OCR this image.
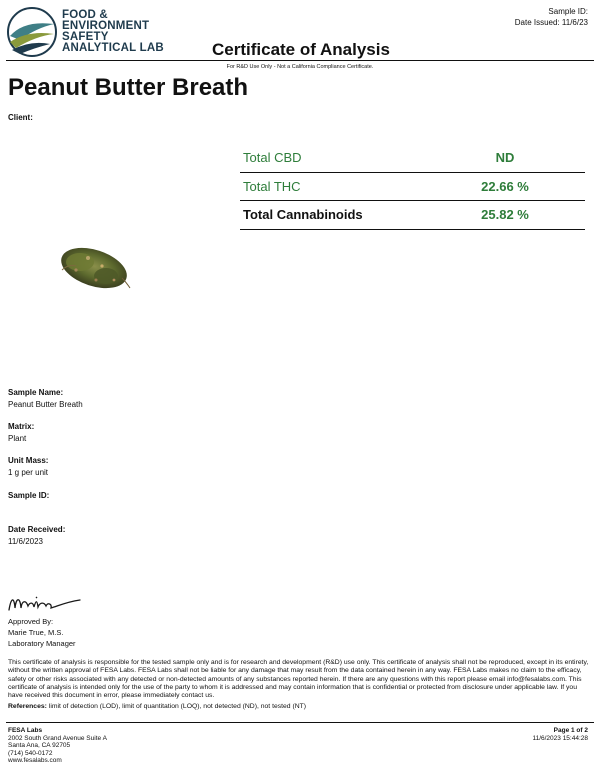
FOOD &
ENVIRONMENT
SAFETY
ANALYTICAL LAB
Sample ID:
Date Issued: 11/6/23
Certificate of Analysis
For R&D Use Only - Not a California Compliance Certificate.
Peanut Butter Breath
Client:
Total CBD	ND
Total THC	22.66 %
Total Cannabinoids	25.82 %
Sample Name:
Peanut Butter Breath
Matrix:
Plant
Unit Mass:
1 g per unit
Sample ID:
Date Received:
11/6/2023
Approved By:
Marie True, M.S.
Laboratory Manager
This certificate of analysis is responsible for the tested sample only and is for research and development (R&D) use only. This certificate of analysis shall not be reproduced, except in its entirety, without the written approval of FESA Labs. FESA Labs shall not be liable for any damage that may result from the data contained herein in any way. FESA Labs makes no claim to the efficacy, safety or other risks associated with any detected or non-detected amounts of any substances reported herein. If there are any questions with this report please email info@fesalabs.com. This certificate of analysis is intended only for the use of the party to whom it is addressed and may contain information that is confidential or protected from disclosure under applicable law. If you have received this document in error, please immediately contact us.
References: limit of detection (LOD), limit of quantitation (LOQ), not detected (ND), not tested (NT)
FESA Labs
2002 South Grand Avenue Suite A
Santa Ana, CA 92705
(714) 540-0172
www.fesalabs.com
Page 1 of 2
11/6/2023 15:44:28
